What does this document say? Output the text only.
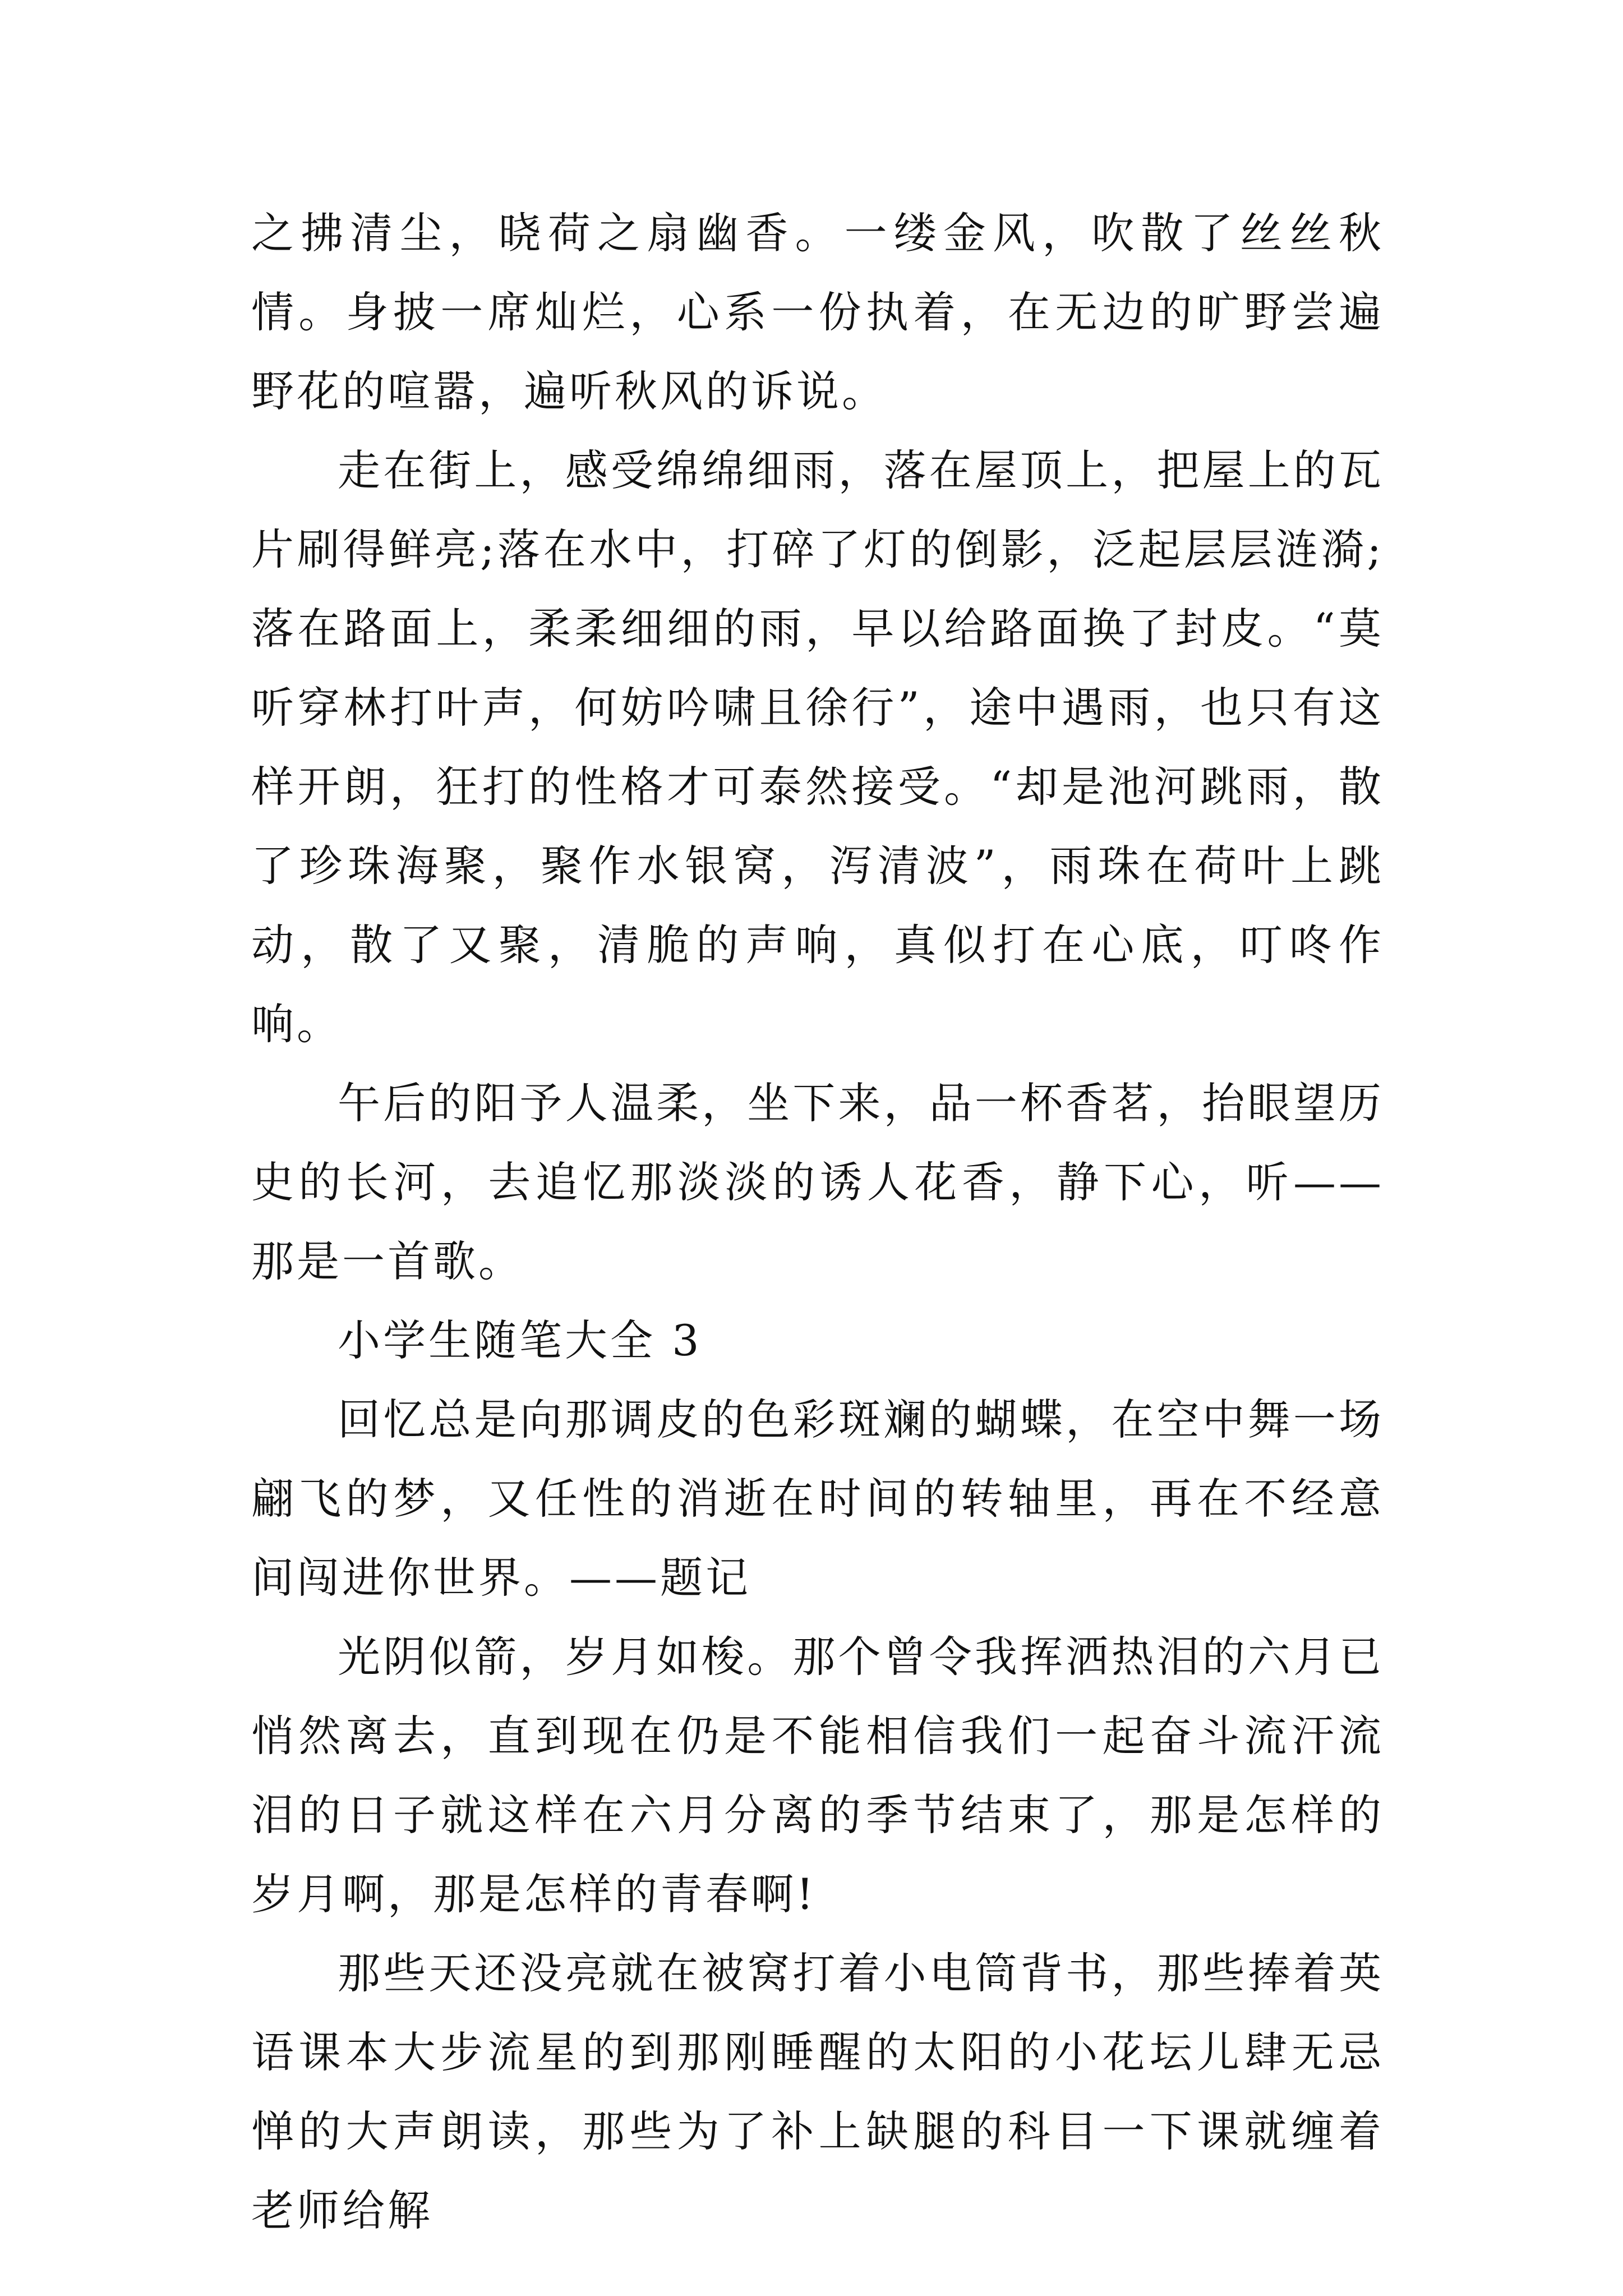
之拂清尘，晓荷之扇幽香。一缕金风，吹散了丝丝秋情。身披一席灿烂，心系一份执着，在无边的旷野尝遍野花的喧嚣，遍听秋风的诉说。

走在街上，感受绵绵细雨，落在屋顶上，把屋上的瓦片刷得鲜亮;落在水中，打碎了灯的倒影，泛起层层涟漪;落在路面上，柔柔细细的雨，早以给路面换了封皮。“莫听穿林打叶声，何妨吟啸且徐行”，途中遇雨，也只有这样开朗，狂打的性格才可泰然接受。“却是池河跳雨，散了珍珠海聚，聚作水银窝，泻清波”，雨珠在荷叶上跳动，散了又聚，清脆的声响，真似打在心底，叮咚作响。

午后的阳予人温柔，坐下来，品一杯香茗，抬眼望历史的长河，去追忆那淡淡的诱人花香，静下心，听——那是一首歌。

小学生随笔大全 3

回忆总是向那调皮的色彩斑斓的蝴蝶，在空中舞一场翩飞的梦，又任性的消逝在时间的转轴里，再在不经意间闯进你世界。——题记

光阴似箭，岁月如梭。那个曾令我挥洒热泪的六月已悄然离去，直到现在仍是不能相信我们一起奋斗流汗流泪的日子就这样在六月分离的季节结束了，那是怎样的岁月啊，那是怎样的青春啊!

那些天还没亮就在被窝打着小电筒背书，那些捧着英语课本大步流星的到那刚睡醒的太阳的小花坛儿肆无忌惮的大声朗读，那些为了补上缺腿的科目一下课就缠着老师给解
